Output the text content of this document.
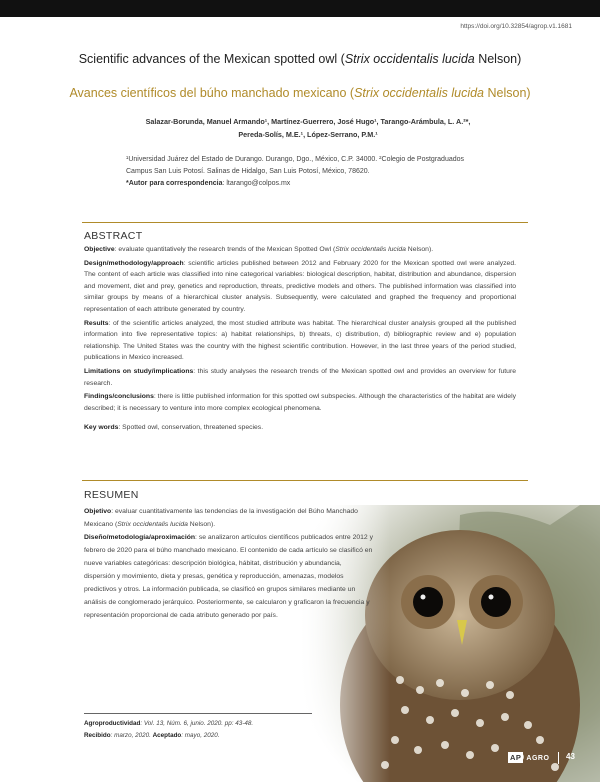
https://doi.org/10.32854/agrop.v1.1681
Scientific advances of the Mexican spotted owl (Strix occidentalis lucida Nelson)
Avances científicos del búho manchado mexicano (Strix occidentalis lucida Nelson)
Salazar-Borunda, Manuel Armando¹, Martínez-Guerrero, José Hugo¹, Tarango-Arámbula, L. A.²*,
Pereda-Solís, M.E.¹, López-Serrano, P.M.¹
¹Universidad Juárez del Estado de Durango. Durango, Dgo., México, C.P. 34000. ²Colegio de Postgraduados Campus San Luis Potosí. Salinas de Hidalgo, San Luis Potosí, México, 78620.
*Autor para correspondencia: ltarango@colpos.mx
ABSTRACT

Objective: evaluate quantitatively the research trends of the Mexican Spotted Owl (Strix occidentalis lucida Nelson).

Design/methodology/approach: scientific articles published between 2012 and February 2020 for the Mexican spotted owl were analyzed. The content of each article was classified into nine categorical variables: biological description, habitat, distribution and abundance, dispersion and movement, diet and prey, genetics and reproduction, threats, predictive models and others. The published information was classified into similar groups by means of a hierarchical cluster analysis. Subsequently, were calculated and graphed the frequency and proportional representation of each attribute generated by country.

Results: of the scientific articles analyzed, the most studied attribute was habitat. The hierarchical cluster analysis grouped all the published information into five representative topics: a) habitat relationships, b) threats, c) distribution, d) bibliographic review and e) population relationship. The United States was the country with the highest scientific contribution. However, in the last three years of the period studied, publications in Mexico increased.

Limitations on study/implications: this study analyses the research trends of the Mexican spotted owl and provides an overview for future research.

Findings/conclusions: there is little published information for this spotted owl subspecies. Although the characteristics of the habitat are widely described; it is necessary to venture into more complex ecological phenomena.

Key words: Spotted owl, conservation, threatened species.

RESUMEN

Objetivo: evaluar cuantitativamente las tendencias de la investigación del Búho Manchado Mexicano (Strix occidentalis lucida Nelson).

Diseño/metodología/aproximación: se analizaron artículos científicos publicados entre 2012 y febrero de 2020 para el búho manchado mexicano. El contenido de cada artículo se clasificó en nueve variables categóricas: descripción biológica, hábitat, distribución y abundancia, dispersión y movimiento, dieta y presas, genética y reproducción, amenazas, modelos predictivos y otros. La información publicada, se clasificó en grupos similares mediante un análisis de conglomerado jerárquico. Posteriormente, se calcularon y graficaron la frecuencia y representación proporcional de cada atributo generado por país.

Agroproductividad: Vol. 13, Núm. 6, junio. 2020. pp: 43-48.
Recibido: marzo, 2020. Aceptado: mayo, 2020.
AP AGRO 43
